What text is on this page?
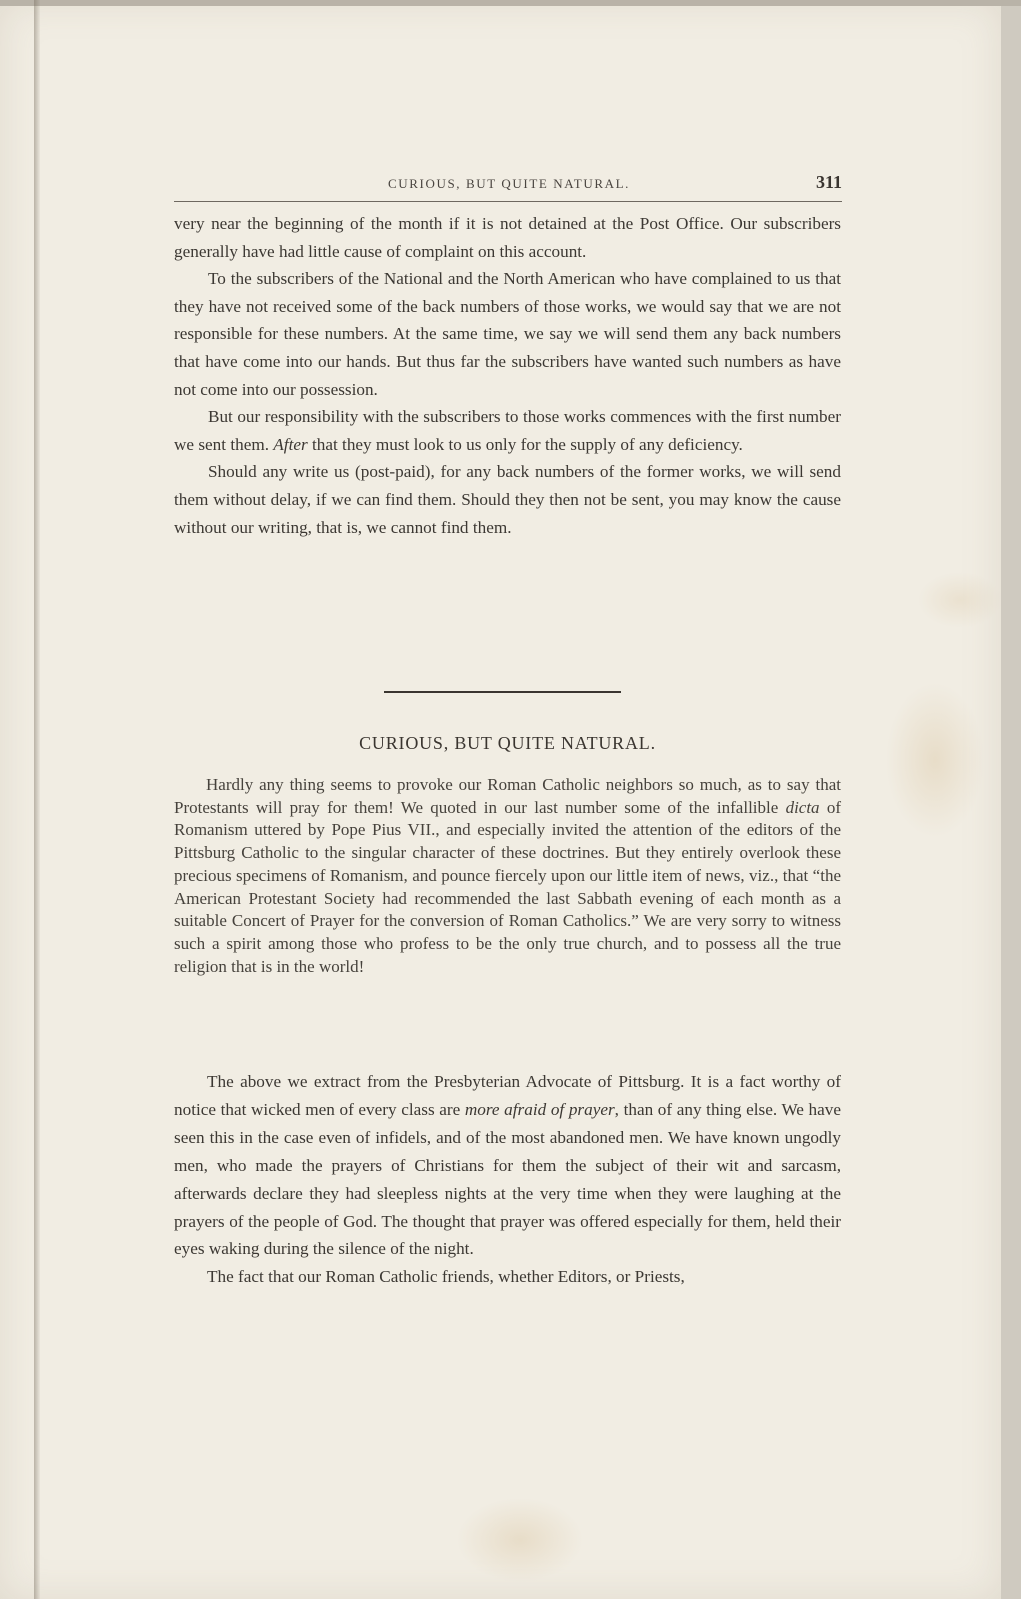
CURIOUS, BUT QUITE NATURAL.	311

very near the beginning of the month if it is not detained at the Post Office. Our subscribers generally have had little cause of complaint on this account.

To the subscribers of the National and the North American who have complained to us that they have not received some of the back numbers of those works, we would say that we are not responsible for these numbers. At the same time, we say we will send them any back numbers that have come into our hands. But thus far the subscribers have wanted such numbers as have not come into our possession.

But our responsibility with the subscribers to those works commences with the first number we sent them. After that they must look to us only for the supply of any deficiency.

Should any write us (post-paid), for any back numbers of the former works, we will send them without delay, if we can find them. Should they then not be sent, you may know the cause without our writing, that is, we cannot find them.

CURIOUS, BUT QUITE NATURAL.

Hardly any thing seems to provoke our Roman Catholic neighbors so much, as to say that Protestants will pray for them! We quoted in our last number some of the infallible dicta of Romanism uttered by Pope Pius VII., and especially invited the attention of the editors of the Pittsburg Catholic to the singular character of these doctrines. But they entirely overlook these precious specimens of Romanism, and pounce fiercely upon our little item of news, viz., that “the American Protestant Society had recommended the last Sabbath evening of each month as a suitable Concert of Prayer for the conversion of Roman Catholics.” We are very sorry to witness such a spirit among those who profess to be the only true church, and to possess all the true religion that is in the world!

The above we extract from the Presbyterian Advocate of Pittsburg. It is a fact worthy of notice that wicked men of every class are more afraid of prayer, than of any thing else. We have seen this in the case even of infidels, and of the most abandoned men. We have known ungodly men, who made the prayers of Christians for them the subject of their wit and sarcasm, afterwards declare they had sleepless nights at the very time when they were laughing at the prayers of the people of God. The thought that prayer was offered especially for them, held their eyes waking during the silence of the night.

The fact that our Roman Catholic friends, whether Editors, or Priests,
